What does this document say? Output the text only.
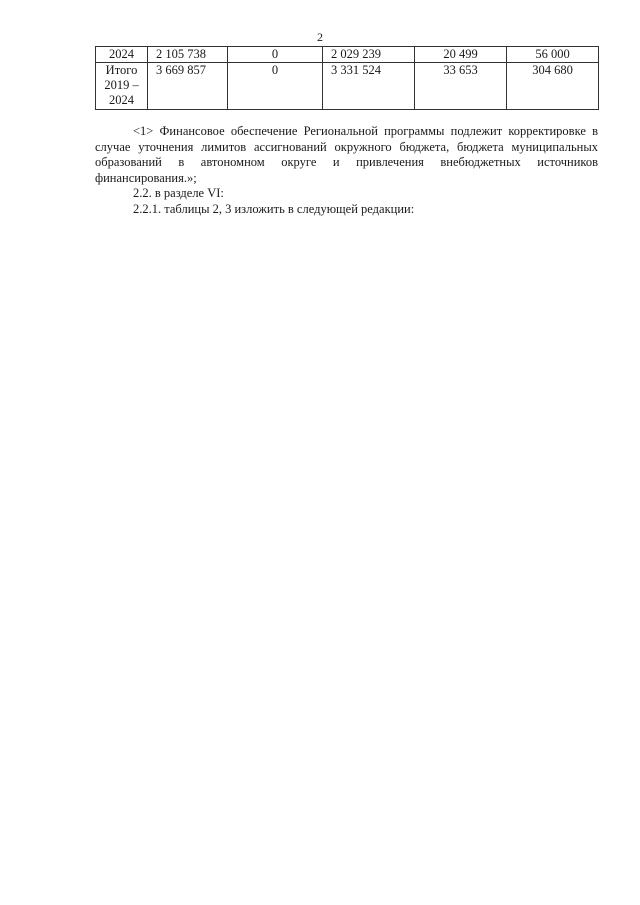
2
2024	2 105 738	0	2 029 239	20 499	56 000
Итого 2019 – 2024	3 669 857	0	3 331 524	33 653	304 680

<1> Финансовое обеспечение Региональной программы подлежит корректировке в случае уточнения лимитов ассигнований окружного бюджета, бюджета муниципальных образований в автономном округе и привлечения внебюджетных источников финансирования.»;

2.2. в разделе VI:

2.2.1. таблицы 2, 3 изложить в следующей редакции:
